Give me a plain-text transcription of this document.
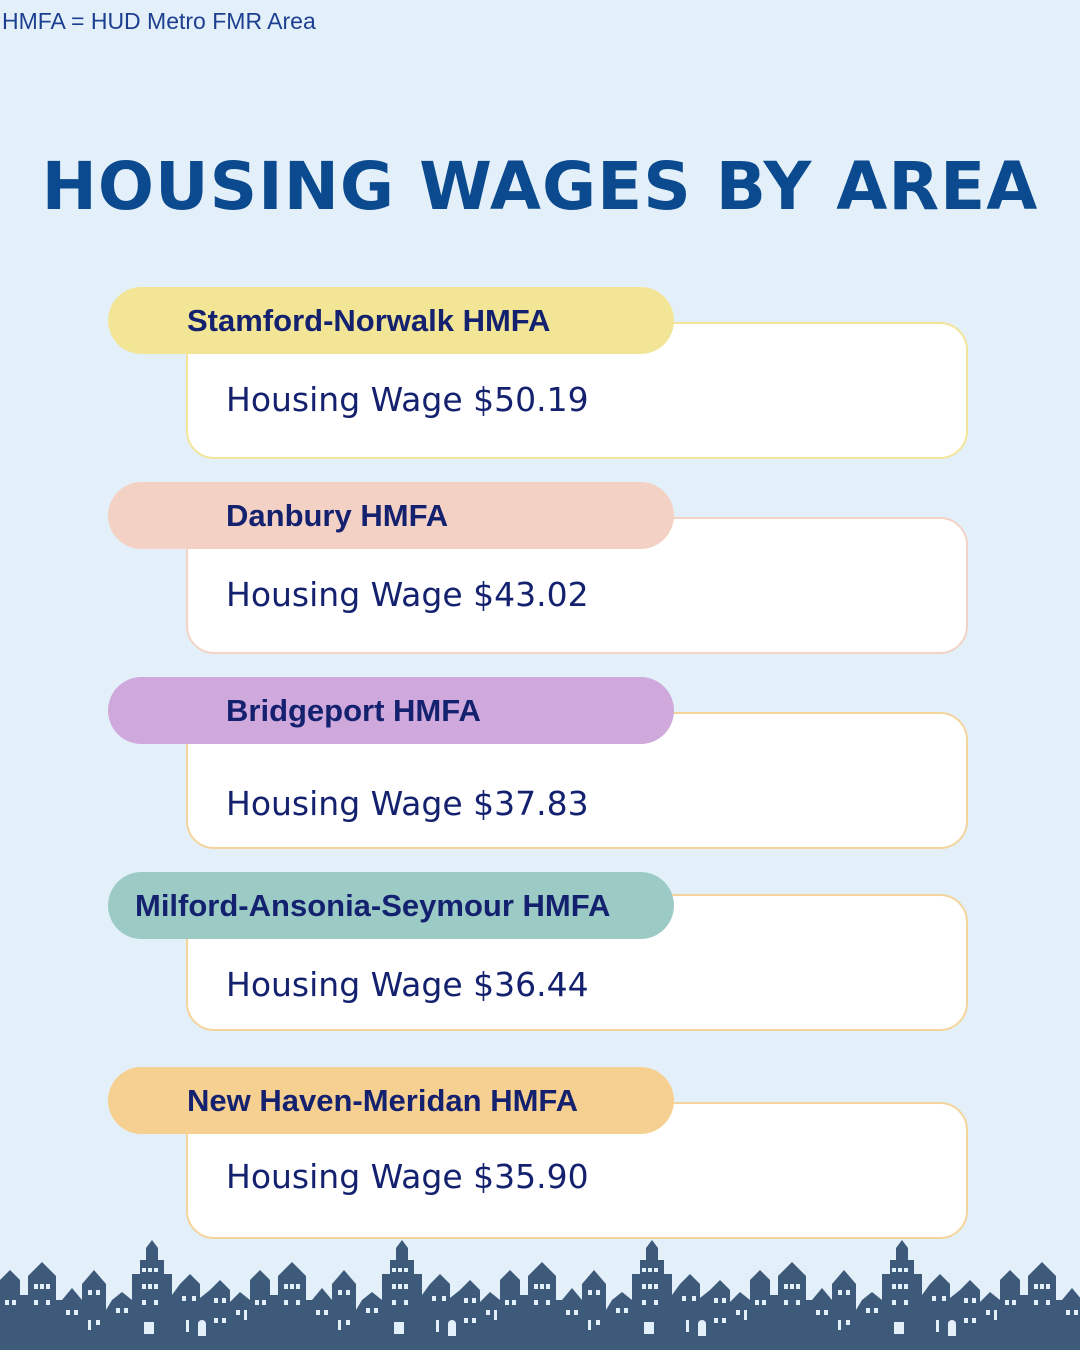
HMFA = HUD Metro FMR Area
HOUSING WAGES BY AREA
Housing Wage $50.19
Stamford-Norwalk HMFA
Housing Wage $43.02
Danbury HMFA
Housing Wage $37.83
Bridgeport HMFA
Housing Wage $36.44
Milford-Ansonia-Seymour HMFA
Housing Wage $35.90
New Haven-Meridan HMFA
